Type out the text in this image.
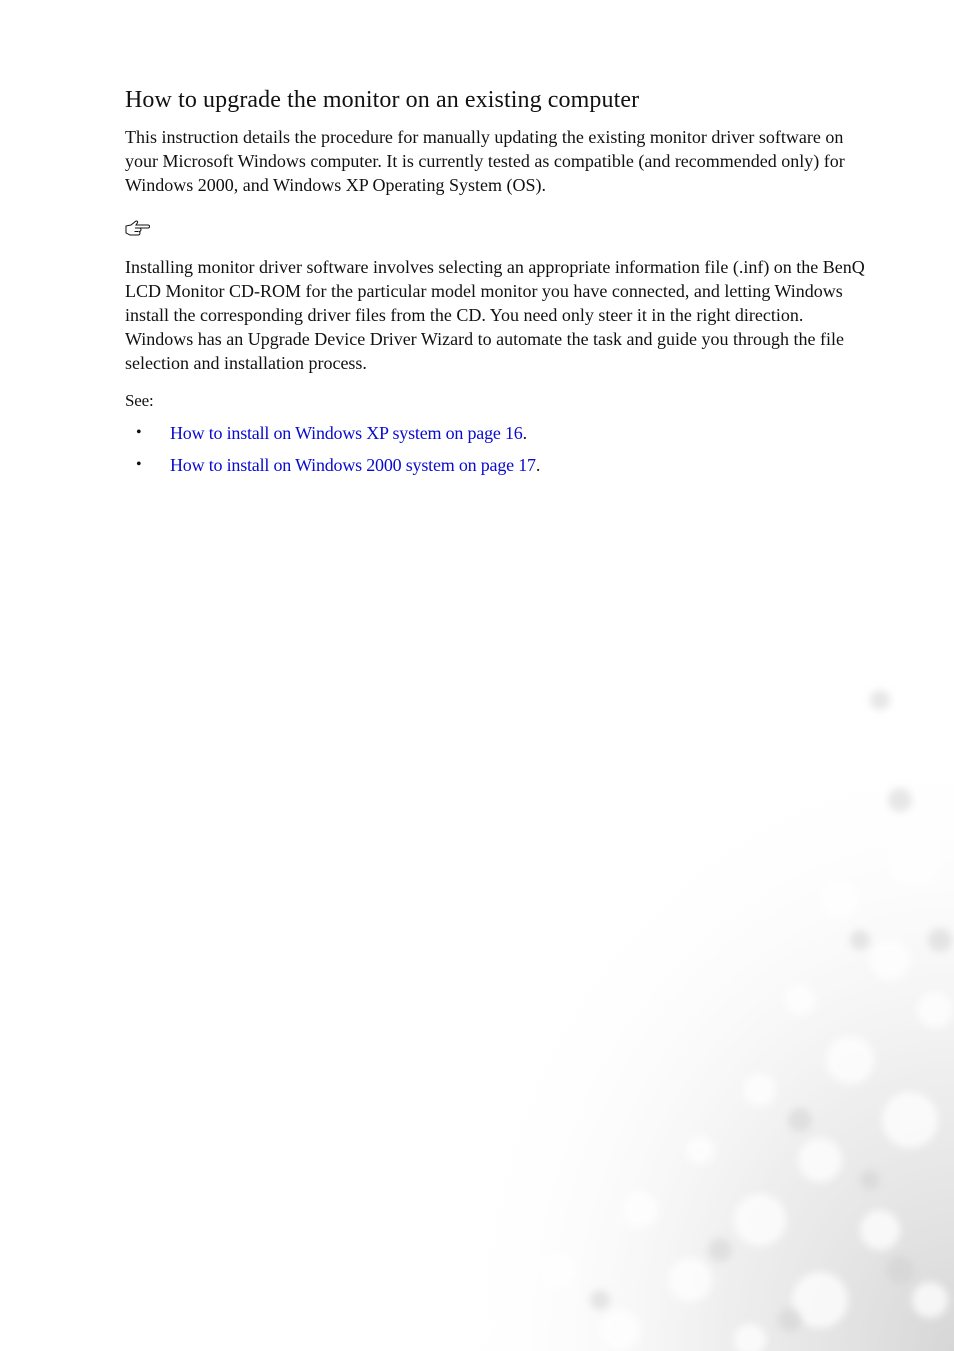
How to upgrade the monitor on an existing computer

This instruction details the procedure for manually updating the existing monitor driver software on your Microsoft Windows computer. It is currently tested as compatible (and recommended only) for Windows 2000, and Windows XP Operating System (OS).

Installing monitor driver software involves selecting an appropriate information file (.inf) on the BenQ LCD Monitor CD-ROM for the particular model monitor you have connected, and letting Windows install the corresponding driver files from the CD. You need only steer it in the right direction. Windows has an Upgrade Device Driver Wizard to automate the task and guide you through the file selection and installation process.

See:
• How to install on Windows XP system on page 16.
• How to install on Windows 2000 system on page 17.
